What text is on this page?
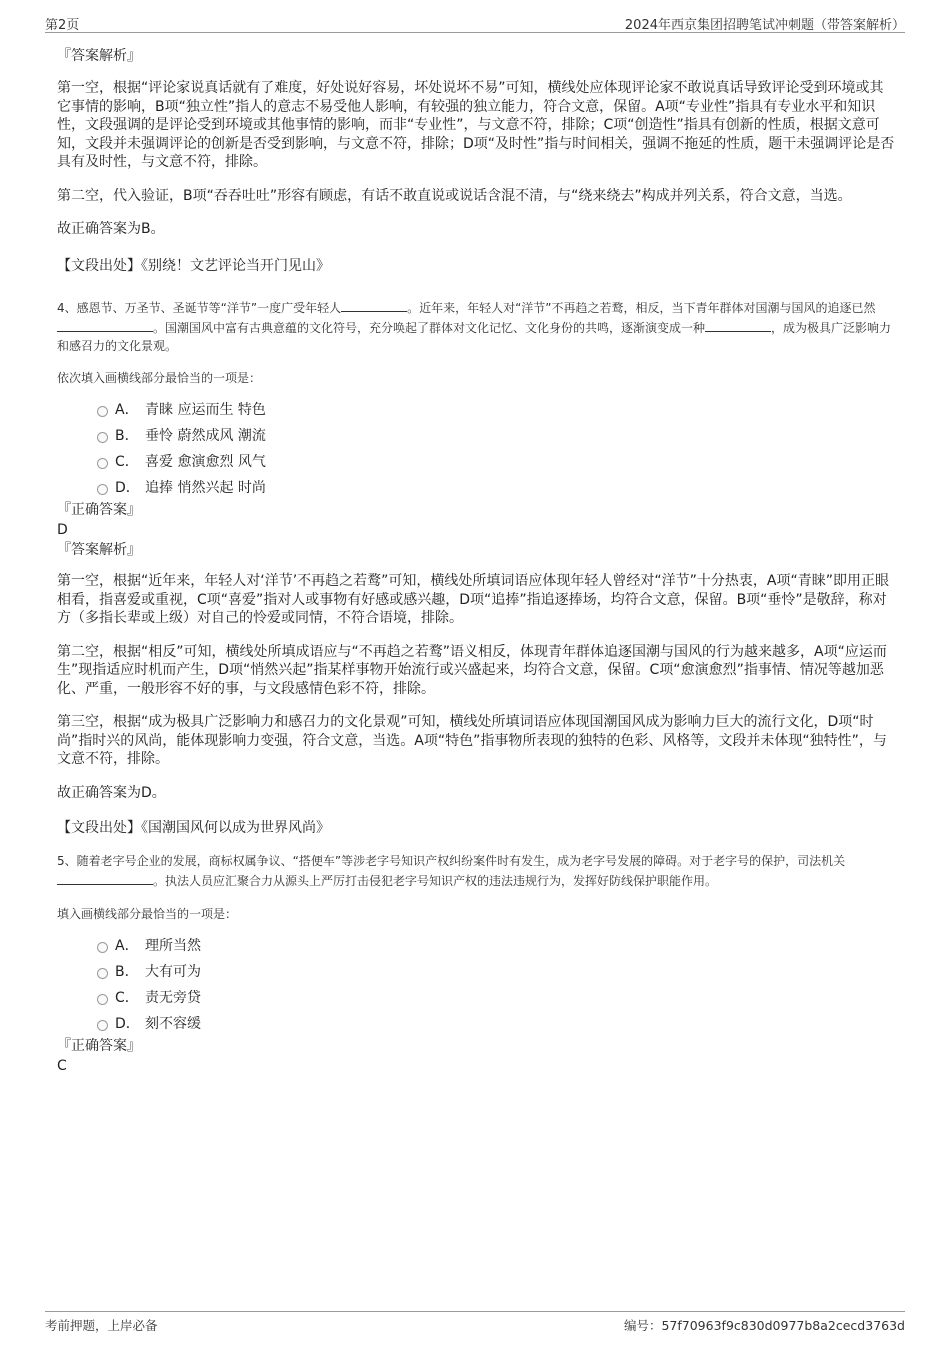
第2页	2024年西京集团招聘笔试冲刺题（带答案解析）

『答案解析』

第一空，根据“评论家说真话就有了难度，好处说好容易，坏处说坏不易”可知，横线处应体现评论家不敢说真话导致评论受到环境或其它事情的影响，B项“独立性”指人的意志不易受他人影响，有较强的独立能力，符合文意，保留。A项“专业性”指具有专业水平和知识性，文段强调的是评论受到环境或其他事情的影响，而非“专业性”，与文意不符，排除；C项“创造性”指具有创新的性质，根据文意可知，文段并未强调评论的创新是否受到影响，与文意不符，排除；D项“及时性”指与时间相关，强调不拖延的性质，题干未强调评论是否具有及时性，与文意不符，排除。

第二空，代入验证，B项“吞吞吐吐”形容有顾虑，有话不敢直说或说话含混不清，与“绕来绕去”构成并列关系，符合文意，当选。

故正确答案为B。

【文段出处】《别绕！文艺评论当开门见山》

4、感恩节、万圣节、圣诞节等“洋节”一度广受年轻人	。近年来，年轻人对“洋节”不再趋之若鹜，相反，当下青年群体对国潮与国风的追逐已然。国潮国风中富有古典意蕴的文化符号，充分唤起了群体对文化记忆、文化身份的共鸣，逐渐演变成一种	，成为极具广泛影响力和感召力的文化景观。

依次填入画横线部分最恰当的一项是：

A． 青睐 应运而生 特色
B． 垂怜 蔚然成风 潮流
C． 喜爱 愈演愈烈 风气
D． 追捧 悄然兴起 时尚

『正确答案』

D

『答案解析』

第一空，根据“近年来，年轻人对‘洋节’不再趋之若鹜”可知，横线处所填词语应体现年轻人曾经对“洋节”十分热衷，A项“青睐”即用正眼相看，指喜爱或重视，C项“喜爱”指对人或事物有好感或感兴趣，D项“追捧”指追逐捧场，均符合文意，保留。B项“垂怜”是敬辞，称对方（多指长辈或上级）对自己的怜爱或同情，不符合语境，排除。

第二空，根据“相反”可知，横线处所填成语应与“不再趋之若鹜”语义相反，体现青年群体追逐国潮与国风的行为越来越多，A项“应运而生”现指适应时机而产生，D项“悄然兴起”指某样事物开始流行或兴盛起来，均符合文意，保留。C项“愈演愈烈”指事情、情况等越加恶化、严重，一般形容不好的事，与文段感情色彩不符，排除。

第三空，根据“成为极具广泛影响力和感召力的文化景观”可知，横线处所填词语应体现国潮国风成为影响力巨大的流行文化，D项“时尚”指时兴的风尚，能体现影响力变强，符合文意，当选。A项“特色”指事物所表现的独特的色彩、风格等，文段并未体现“独特性”，与文意不符，排除。

故正确答案为D。

【文段出处】《国潮国风何以成为世界风尚》

5、随着老字号企业的发展，商标权属争议、“搭便车”等涉老字号知识产权纠纷案件时有发生，成为老字号发展的障碍。对于老字号的保护，司法机关。执法人员应汇聚合力从源头上严厉打击侵犯老字号知识产权的违法违规行为，发挥好防线保护职能作用。

填入画横线部分最恰当的一项是：

A． 理所当然
B． 大有可为
C． 责无旁贷
D． 刻不容缓

『正确答案』

C

考前押题，上岸必备	编号：57f70963f9c830d0977b8a2cecd3763d
